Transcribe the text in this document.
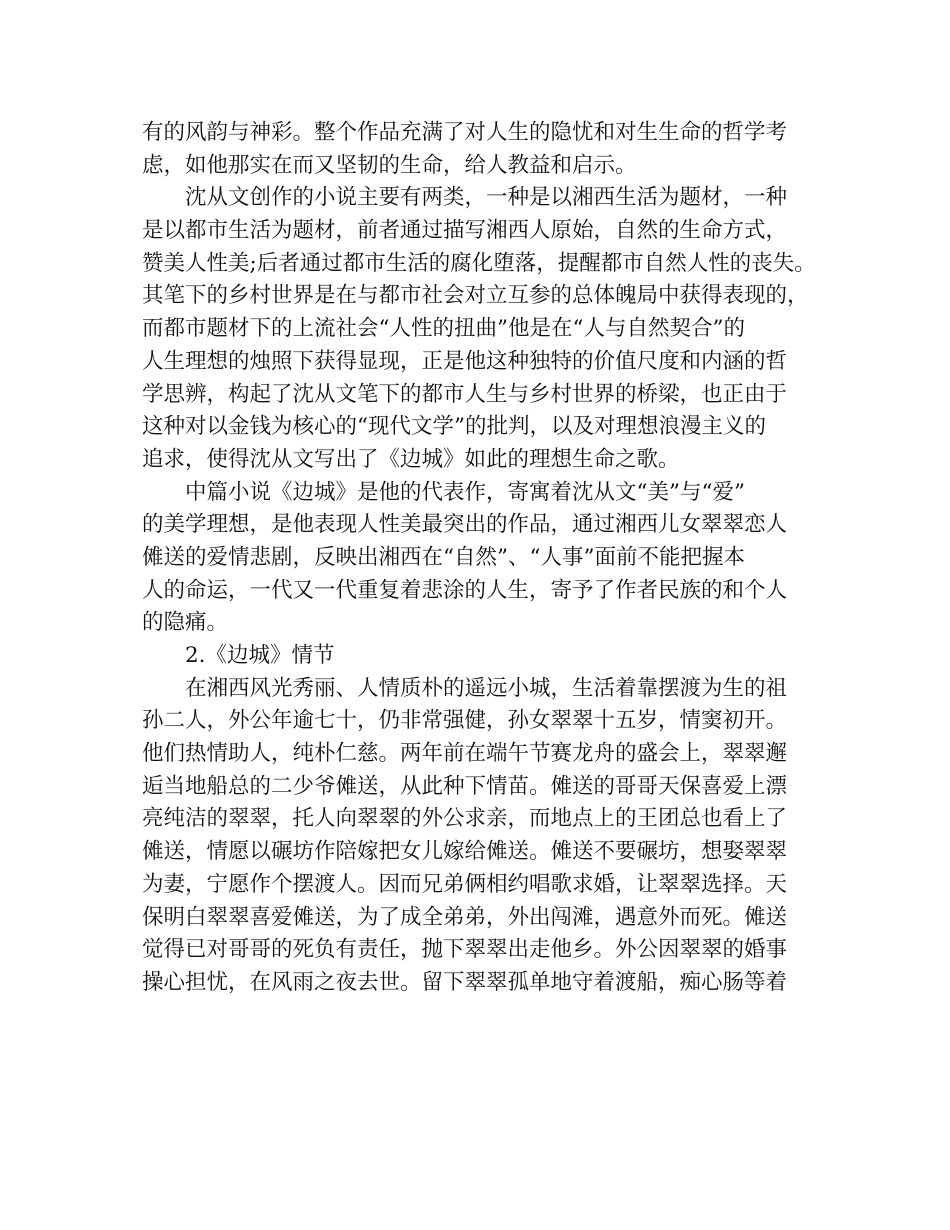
有的风韵与神彩。整个作品充满了对人生的隐忧和对生生命的哲学考
虑，如他那实在而又坚韧的生命，给人教益和启示。
沈从文创作的小说主要有两类，一种是以湘西生活为题材，一种
是以都市生活为题材，前者通过描写湘西人原始，自然的生命方式，
赞美人性美;后者通过都市生活的腐化堕落，提醒都市自然人性的丧失。
其笔下的乡村世界是在与都市社会对立互参的总体魄局中获得表现的，
而都市题材下的上流社会“人性的扭曲”他是在“人与自然契合”的
人生理想的烛照下获得显现，正是他这种独特的价值尺度和内涵的哲
学思辨，构起了沈从文笔下的都市人生与乡村世界的桥梁，也正由于
这种对以金钱为核心的“现代文学”的批判，以及对理想浪漫主义的
追求，使得沈从文写出了《边城》如此的理想生命之歌。
中篇小说《边城》是他的代表作，寄寓着沈从文“美”与“爱”
的美学理想，是他表现人性美最突出的作品，通过湘西儿女翠翠恋人
傩送的爱情悲剧，反映出湘西在“自然”、“人事”面前不能把握本
人的命运，一代又一代重复着悲涂的人生，寄予了作者民族的和个人
的隐痛。
2.《边城》情节
在湘西风光秀丽、人情质朴的遥远小城，生活着靠摆渡为生的祖
孙二人，外公年逾七十，仍非常强健，孙女翠翠十五岁，情窦初开。
他们热情助人，纯朴仁慈。两年前在端午节赛龙舟的盛会上，翠翠邂
逅当地船总的二少爷傩送，从此种下情苗。傩送的哥哥天保喜爱上漂
亮纯洁的翠翠，托人向翠翠的外公求亲，而地点上的王团总也看上了
傩送，情愿以碾坊作陪嫁把女儿嫁给傩送。傩送不要碾坊，想娶翠翠
为妻，宁愿作个摆渡人。因而兄弟俩相约唱歌求婚，让翠翠选择。天
保明白翠翠喜爱傩送，为了成全弟弟，外出闯滩，遇意外而死。傩送
觉得已对哥哥的死负有责任，抛下翠翠出走他乡。外公因翠翠的婚事
操心担忧，在风雨之夜去世。留下翠翠孤单地守着渡船，痴心肠等着
